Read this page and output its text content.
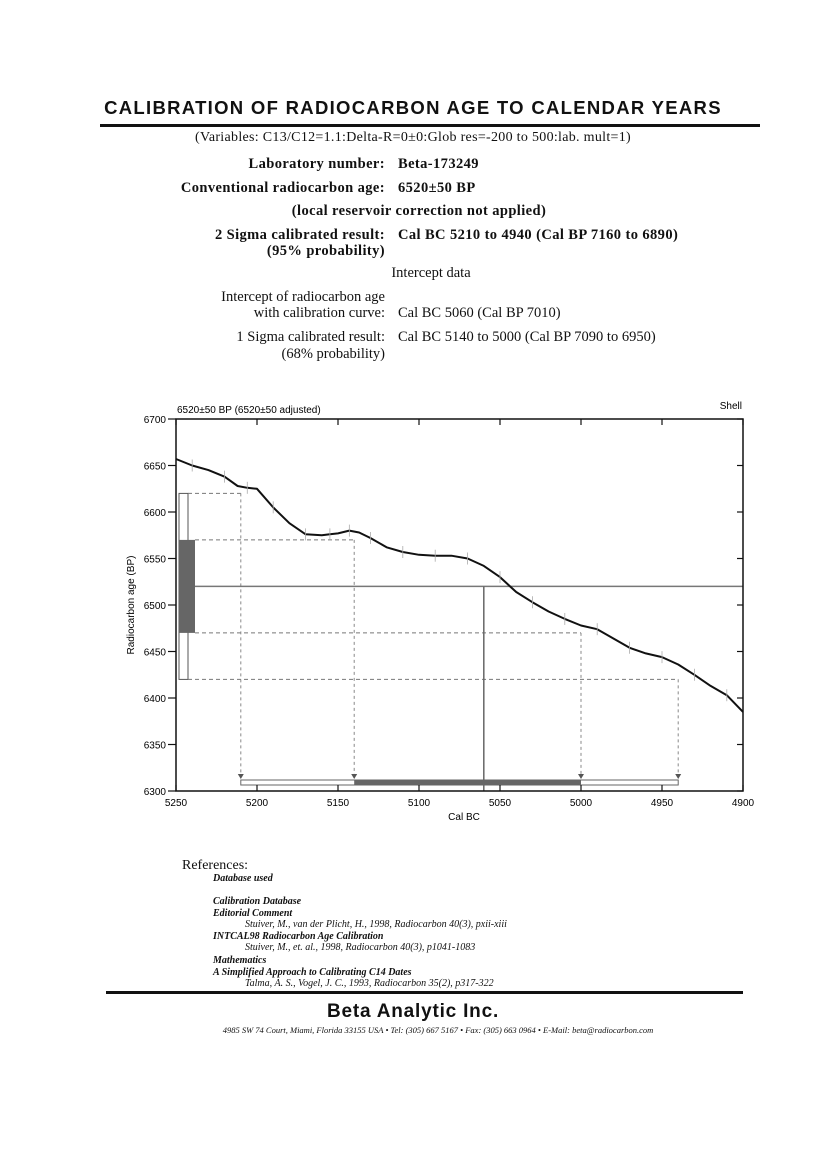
CALIBRATION OF RADIOCARBON AGE TO CALENDAR YEARS
(Variables: C13/C12=1.1:Delta-R=0±0:Glob res=-200 to 500:lab. mult=1)
Laboratory number: Beta-173249
Conventional radiocarbon age: 6520±50 BP
(local reservoir correction not applied)
2 Sigma calibrated result:
(95% probability)
Cal BC 5210 to 4940 (Cal BP 7160 to 6890)
Intercept data
Intercept of radiocarbon age
with calibration curve: Cal BC 5060 (Cal BP 7010)
1 Sigma calibrated result:
(68% probability)
Cal BC 5140 to 5000 (Cal BP 7090 to 6950)
6520±50 BP (6520±50 adjusted)	Shell
5250	5200	5150	5100	5050	5000	4950	4900
6700
6650
6600
6550
6500
6450
6400
6350
6300
Cal BC
Radiocarbon age (BP)
References:
Database used
Calibration Database
Editorial Comment
Stuiver, M., van der Plicht, H., 1998, Radiocarbon 40(3), pxii-xiii
INTCAL98 Radiocarbon Age Calibration
Stuiver, M., et. al., 1998, Radiocarbon 40(3), p1041-1083
Mathematics
A Simplified Approach to Calibrating C14 Dates
Talma, A. S., Vogel, J. C., 1993, Radiocarbon 35(2), p317-322
Beta Analytic Inc.
4985 SW 74 Court, Miami, Florida 33155 USA • Tel: (305) 667 5167 • Fax: (305) 663 0964 • E-Mail: beta@radiocarbon.com
